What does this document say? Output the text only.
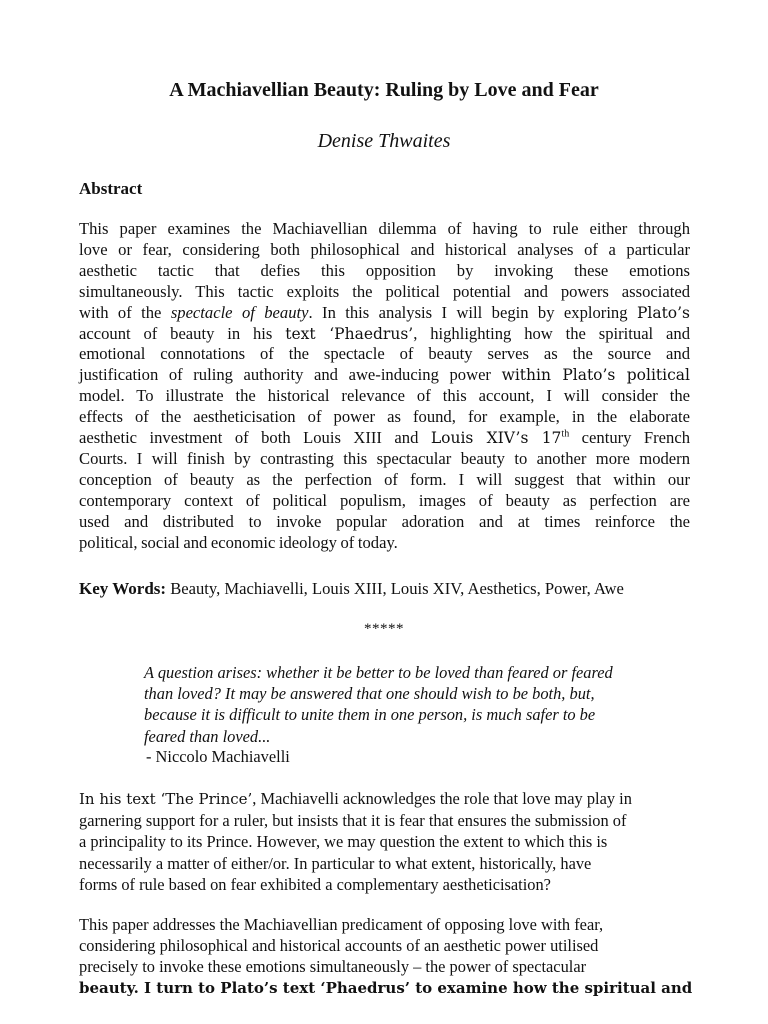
A Machiavellian Beauty: Ruling by Love and Fear
Denise Thwaites
Abstract
This paper examines the Machiavellian dilemma of having to rule either through
love or fear, considering both philosophical and historical analyses of a particular
aesthetic tactic that defies this opposition by invoking these emotions
simultaneously. This tactic exploits the political potential and powers associated
with of the spectacle of beauty. In this analysis I will begin by exploring Plato’s
account of beauty in his text ‘Phaedrus’, highlighting how the spiritual and
emotional connotations of the spectacle of beauty serves as the source and
justification of ruling authority and awe-inducing power within Plato’s political
model. To illustrate the historical relevance of this account, I will consider the
effects of the aestheticisation of power as found, for example, in the elaborate
aesthetic investment of both Louis XIII and Louis XIV’s 17th century French
Courts. I will finish by contrasting this spectacular beauty to another more modern
conception of beauty as the perfection of form. I will suggest that within our
contemporary context of political populism, images of beauty as perfection are
used and distributed to invoke popular adoration and at times reinforce the
political, social and economic ideology of today.
Key Words: Beauty, Machiavelli, Louis XIII, Louis XIV, Aesthetics, Power, Awe
*****
A question arises: whether it be better to be loved than feared or feared
than loved? It may be answered that one should wish to be both, but,
because it is difficult to unite them in one person, is much safer to be
feared than loved...
- Niccolo Machiavelli
In his text ‘The Prince’, Machiavelli acknowledges the role that love may play in
garnering support for a ruler, but insists that it is fear that ensures the submission of
a principality to its Prince. However, we may question the extent to which this is
necessarily a matter of either/or. In particular to what extent, historically, have
forms of rule based on fear exhibited a complementary aestheticisation?
This paper addresses the Machiavellian predicament of opposing love with fear,
considering philosophical and historical accounts of an aesthetic power utilised
precisely to invoke these emotions simultaneously – the power of spectacular
beauty. I turn to Plato’s text ‘Phaedrus’ to examine how the spiritual and
